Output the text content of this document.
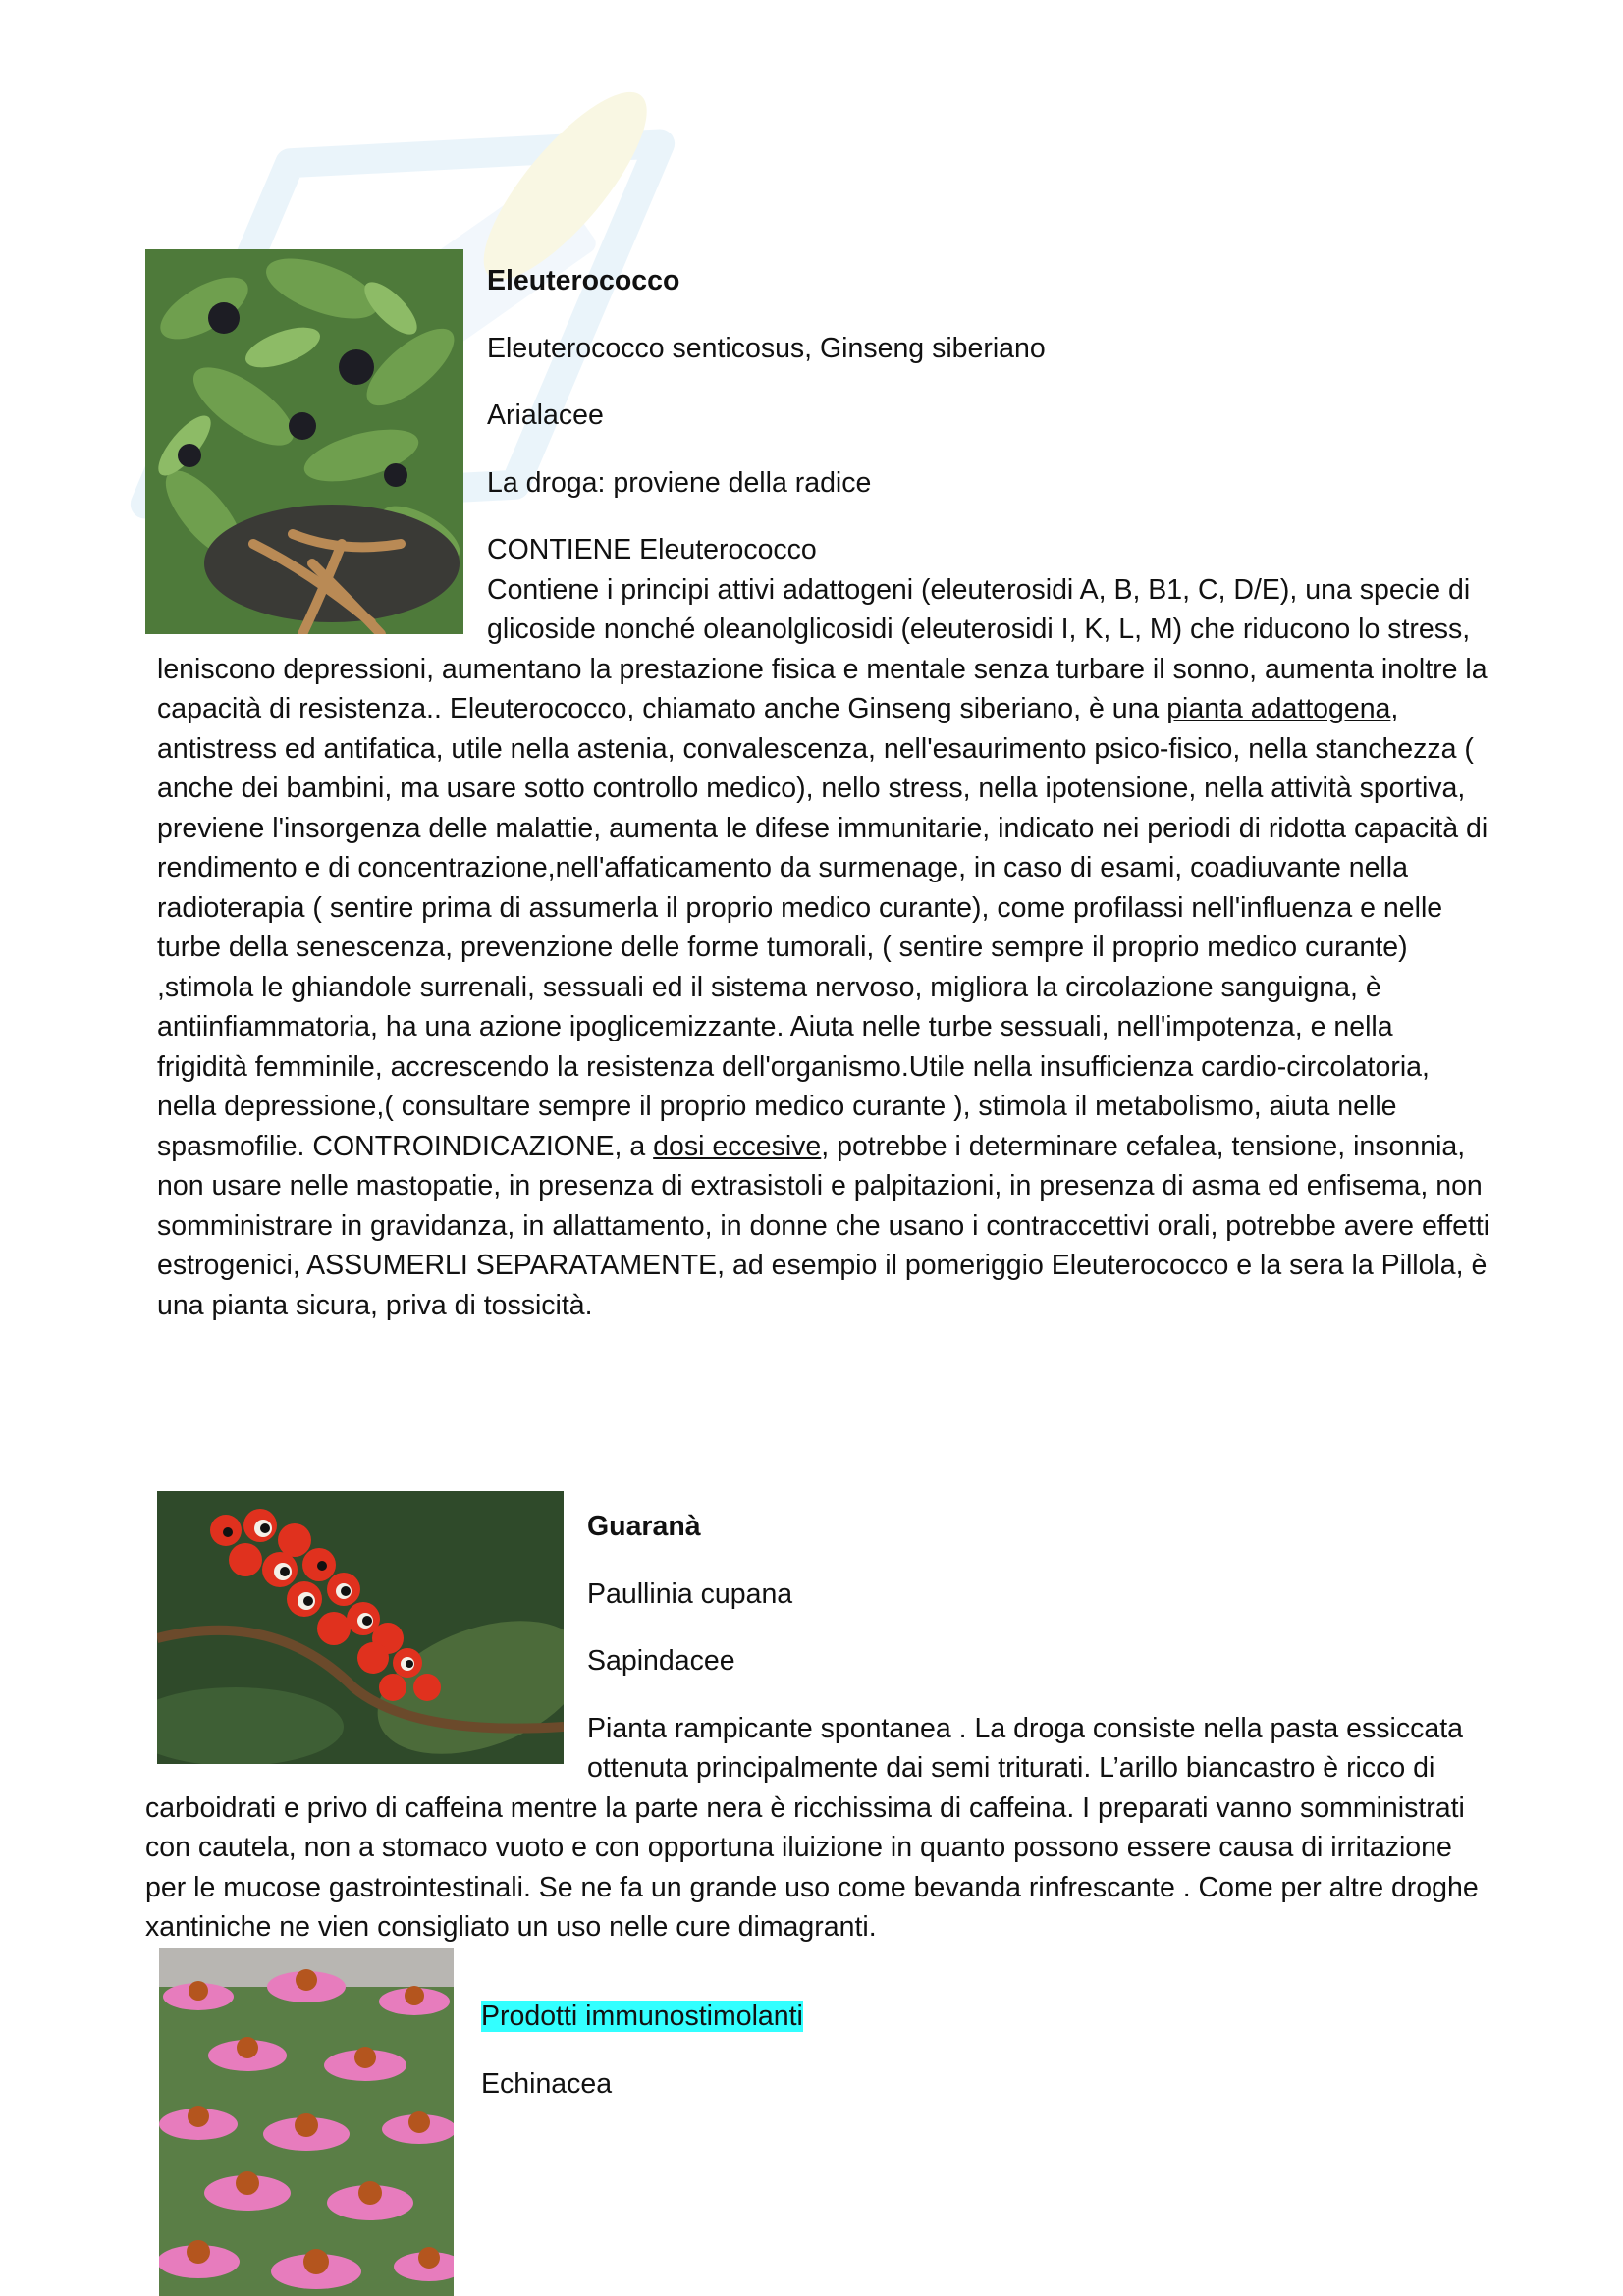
Eleuterococco

Eleuterococco senticosus, Ginseng siberiano

Arialacee

La droga: proviene della radice

CONTIENE Eleuterococco

Contiene i principi attivi adattogeni (eleuterosidi A, B, B1, C, D/E), una specie di glicoside nonché oleanolglicosidi (eleuterosidi I, K, L, M) che riducono lo stress, leniscono depressioni, aumentano la prestazione fisica e mentale senza turbare il sonno, aumenta inoltre la capacità di resistenza.. Eleuterococco, chiamato anche Ginseng siberiano, è una pianta adattogena, antistress ed antifatica, utile nella astenia, convalescenza, nell'esaurimento psico-fisico, nella stanchezza ( anche dei bambini, ma usare sotto controllo medico), nello stress, nella ipotensione, nella attività sportiva, previene l'insorgenza delle malattie, aumenta le difese immunitarie, indicato nei periodi di ridotta capacità di rendimento e di concentrazione,nell'affaticamento da surmenage, in caso di esami, coadiuvante nella radioterapia ( sentire prima di assumerla il proprio medico curante), come profilassi nell'influenza e nelle turbe della senescenza, prevenzione delle forme tumorali, ( sentire sempre il proprio medico curante) ,stimola le ghiandole surrenali, sessuali ed il sistema nervoso, migliora la circolazione sanguigna, è antiinfiammatoria, ha una azione ipoglicemizzante. Aiuta nelle turbe sessuali, nell'impotenza, e nella frigidità femminile, accrescendo la resistenza dell'organismo.Utile nella insufficienza cardio-circolatoria, nella depressione,( consultare sempre il proprio medico curante ), stimola il metabolismo, aiuta nelle spasmofilie. CONTROINDICAZIONE, a dosi eccesive, potrebbe i determinare cefalea, tensione, insonnia, non usare nelle mastopatie, in presenza di extrasistoli e palpitazioni, in presenza di asma ed enfisema, non somministrare in gravidanza, in allattamento, in donne che usano i contraccettivi orali, potrebbe avere effetti estrogenici, ASSUMERLI SEPARATAMENTE, ad esempio il pomeriggio Eleuterococco e la sera la Pillola, è una pianta sicura, priva di tossicità.

Guaranà

Paullinia cupana

Sapindacee

Pianta rampicante spontanea . La droga consiste nella pasta essiccata ottenuta principalmente dai semi triturati. L’arillo biancastro è ricco di carboidrati e privo di caffeina mentre la parte nera è ricchissima di caffeina. I preparati vanno somministrati con cautela, non a stomaco vuoto e con opportuna iluizione in quanto possono essere causa di irritazione per le mucose gastrointestinali. Se ne fa un grande uso come bevanda rinfrescante . Come per altre droghe xantiniche ne vien consigliato un uso nelle cure dimagranti.

Prodotti immunostimolanti

Echinacea
